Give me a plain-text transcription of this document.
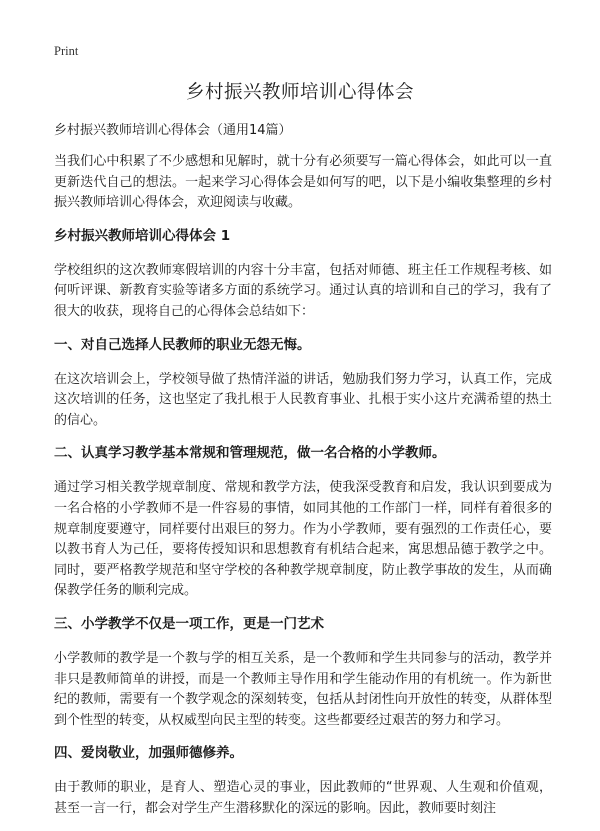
Print
乡村振兴教师培训心得体会

乡村振兴教师培训心得体会（通用14篇）

当我们心中积累了不少感想和见解时，就十分有必须要写一篇心得体会，如此可以一直更新迭代自己的想法。一起来学习心得体会是如何写的吧，以下是小编收集整理的乡村振兴教师培训心得体会，欢迎阅读与收藏。

乡村振兴教师培训心得体会 1

学校组织的这次教师寒假培训的内容十分丰富，包括对师德、班主任工作规程考核、如何听评课、新教育实验等诸多方面的系统学习。通过认真的培训和自己的学习，我有了很大的收获，现将自己的心得体会总结如下：

一、对自己选择人民教师的职业无怨无悔。

在这次培训会上，学校领导做了热情洋溢的讲话，勉励我们努力学习，认真工作，完成这次培训的任务，这也坚定了我扎根于人民教育事业、扎根于实小这片充满希望的热土的信心。

二、认真学习教学基本常规和管理规范，做一名合格的小学教师。

通过学习相关教学规章制度、常规和教学方法，使我深受教育和启发，我认识到要成为一名合格的小学教师不是一件容易的事情，如同其他的工作部门一样，同样有着很多的规章制度要遵守，同样要付出艰巨的努力。作为小学教师，要有强烈的工作责任心，要以教书育人为己任，要将传授知识和思想教育有机结合起来，寓思想品德于教学之中。同时，要严格教学规范和坚守学校的各种教学规章制度，防止教学事故的发生，从而确保教学任务的顺利完成。

三、小学教学不仅是一项工作，更是一门艺术

小学教师的教学是一个教与学的相互关系，是一个教师和学生共同参与的活动，教学并非只是教师简单的讲授，而是一个教师主导作用和学生能动作用的有机统一。作为新世纪的教师，需要有一个教学观念的深刻转变，包括从封闭性向开放性的转变，从群体型到个性型的转变，从权威型向民主型的转变。这些都要经过艰苦的努力和学习。

四、爱岗敬业，加强师德修养。

由于教师的职业，是育人、塑造心灵的事业，因此教师的“世界观、人生观和价值观，甚至一言一行，都会对学生产生潜移默化的深远的影响。因此，教师要时刻注
